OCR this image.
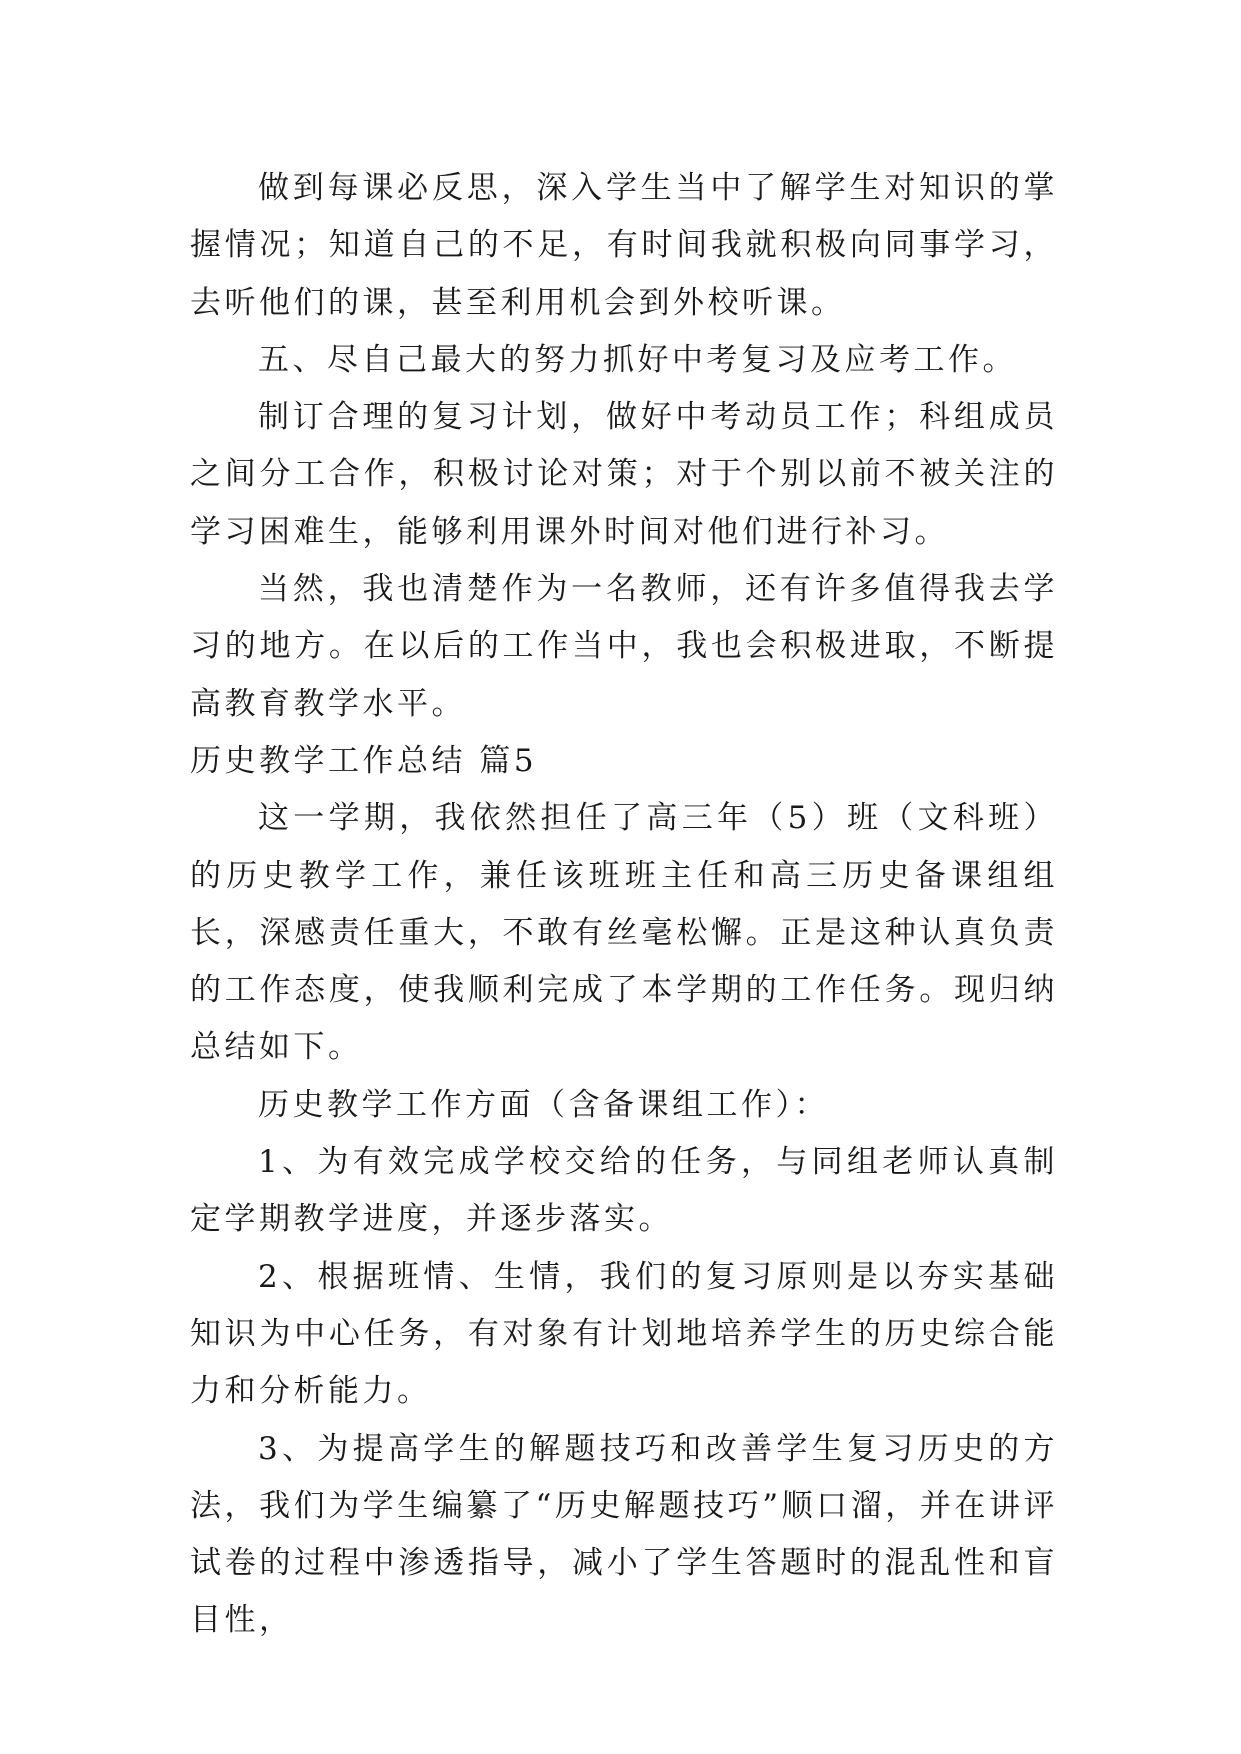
做到每课必反思，深入学生当中了解学生对知识的掌握情况；知道自己的不足，有时间我就积极向同事学习，去听他们的课，甚至利用机会到外校听课。

五、尽自己最大的努力抓好中考复习及应考工作。

制订合理的复习计划，做好中考动员工作；科组成员之间分工合作，积极讨论对策；对于个别以前不被关注的学习困难生，能够利用课外时间对他们进行补习。

当然，我也清楚作为一名教师，还有许多值得我去学习的地方。在以后的工作当中，我也会积极进取，不断提高教育教学水平。

历史教学工作总结 篇5

这一学期，我依然担任了高三年（5）班（文科班）的历史教学工作，兼任该班班主任和高三历史备课组组长，深感责任重大，不敢有丝毫松懈。正是这种认真负责的工作态度，使我顺利完成了本学期的工作任务。现归纳总结如下。

历史教学工作方面（含备课组工作）：

1、为有效完成学校交给的任务，与同组老师认真制定学期教学进度，并逐步落实。

2、根据班情、生情，我们的复习原则是以夯实基础知识为中心任务，有对象有计划地培养学生的历史综合能力和分析能力。

3、为提高学生的解题技巧和改善学生复习历史的方法，我们为学生编纂了“历史解题技巧”顺口溜，并在讲评试卷的过程中渗透指导，减小了学生答题时的混乱性和盲目性，
